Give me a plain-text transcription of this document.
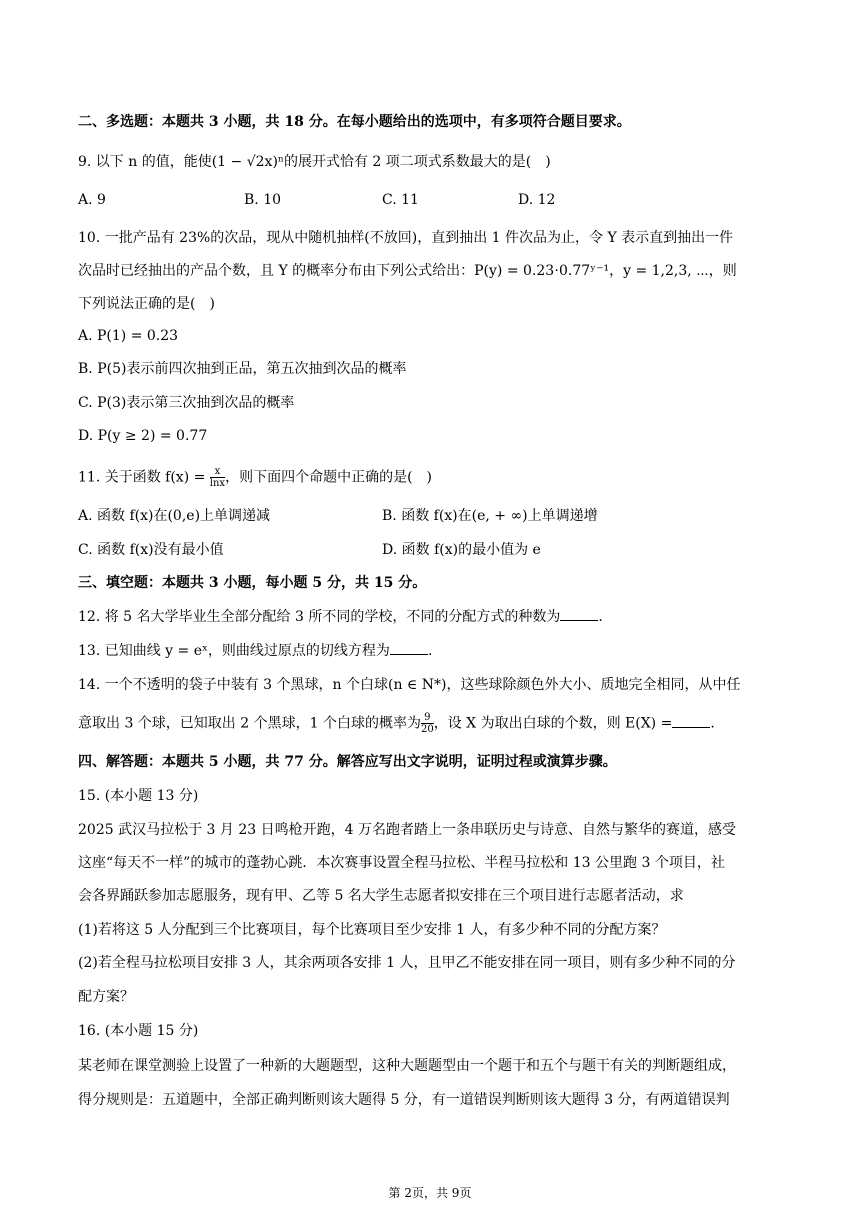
二、多选题：本题共 3 小题，共 18 分。在每小题给出的选项中，有多项符合题目要求。
9. 以下 n 的值，能使(1 − √2x)ⁿ的展开式恰有 2 项二项式系数最大的是(　)
A. 9	B. 10	C. 11	D. 12
10. 一批产品有 23%的次品，现从中随机抽样(不放回)，直到抽出 1 件次品为止，令 Y 表示直到抽出一件
次品时已经抽出的产品个数，且 Y 的概率分布由下列公式给出：P(y) = 0.23⋅0.77ʸ⁻¹，y = 1,2,3, ⋯，则
下列说法正确的是(　)
A. P(1) = 0.23
B. P(5)表示前四次抽到正品，第五次抽到次品的概率
C. P(3)表示第三次抽到次品的概率
D. P(y ≥ 2) = 0.77
11. 关于函数 $f(x) = \frac{x}{\ln x}$ ，则下面四个命题中正确的是(　)
A. 函数 f(x)在(0,e)上单调递减	B. 函数 f(x)在(e, + ∞)上单调递增
C. 函数 f(x)没有最小值	D. 函数 f(x)的最小值为 e
三、填空题：本题共 3 小题，每小题 5 分，共 15 分。
12. 将 5 名大学毕业生全部分配给 3 所不同的学校，不同的分配方式的种数为	.
13. 已知曲线 y = eˣ，则曲线过原点的切线方程为	.
14. 一个不透明的袋子中装有 3 个黑球，n 个白球(n ∈ N*)，这些球除颜色外大小、质地完全相同，从中任
意取出 3 个球，已知取出 2 个黑球，1 个白球的概率为 $\frac{9}{20}$ ，设 X 为取出白球的个数，则 E(X) =	.
四、解答题：本题共 5 小题，共 77 分。解答应写出文字说明，证明过程或演算步骤。
15. (本小题 13 分)
2025 武汉马拉松于 3 月 23 日鸣枪开跑，4 万名跑者踏上一条串联历史与诗意、自然与繁华的赛道，感受
这座“每天不一样”的城市的蓬勃心跳．本次赛事设置全程马拉松、半程马拉松和 13 公里跑 3 个项目，社
会各界踊跃参加志愿服务，现有甲、乙等 5 名大学生志愿者拟安排在三个项目进行志愿者活动，求
(1)若将这 5 人分配到三个比赛项目，每个比赛项目至少安排 1 人，有多少种不同的分配方案？
(2)若全程马拉松项目安排 3 人，其余两项各安排 1 人，且甲乙不能安排在同一项目，则有多少种不同的分
配方案？
16. (本小题 15 分)
某老师在课堂测验上设置了一种新的大题题型，这种大题题型由一个题干和五个与题干有关的判断题组成，
得分规则是：五道题中，全部正确判断则该大题得 5 分，有一道错误判断则该大题得 3 分，有两道错误判
第 2页，共 9页
